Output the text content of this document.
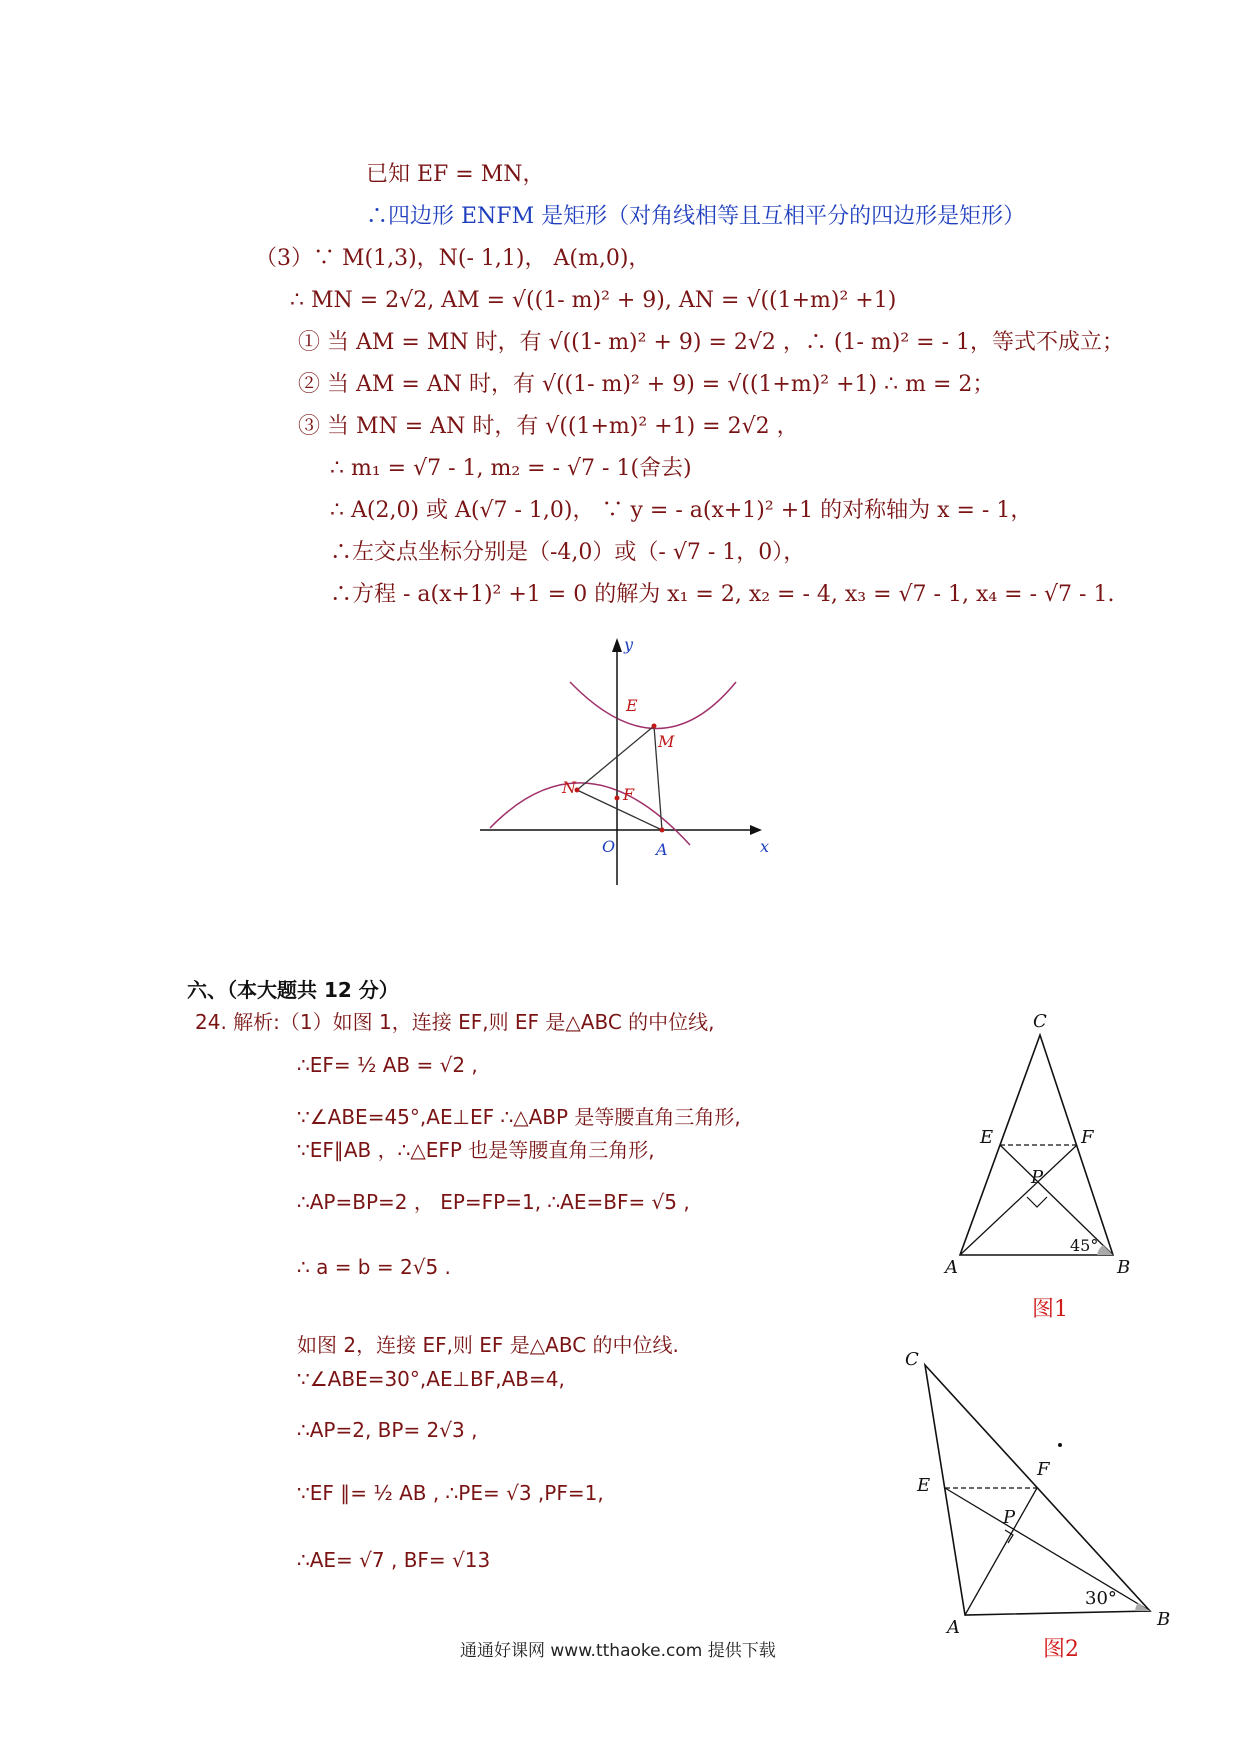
已知 EF = MN，
∴四边形 ENFM 是矩形（对角线相等且互相平分的四边形是矩形）
（3）∵ M(1,3)，N(- 1,1)， A(m,0)，
∴ MN = 2√2, AM = √((1- m)² + 9), AN = √((1+m)² +1)
① 当 AM = MN 时，有 √((1- m)² + 9) = 2√2 ，∴ (1- m)² = - 1，等式不成立；
② 当 AM = AN 时，有 √((1- m)² + 9) = √((1+m)² +1) ∴ m = 2；
③ 当 MN = AN 时，有 √((1+m)² +1) = 2√2 ，
∴ m₁ = √7 - 1, m₂ = - √7 - 1(舍去)
∴ A(2,0) 或 A(√7 - 1,0)， ∵ y = - a(x+1)² +1 的对称轴为 x = - 1，
∴左交点坐标分别是（-4,0）或（- √7 - 1，0），
∴方程 - a(x+1)² +1 = 0 的解为 x₁ = 2, x₂ = - 4, x₃ = √7 - 1, x₄ = - √7 - 1.
y
x
E
M
N	F
O	A
六、（本大题共 12 分）
24. 解析:（1）如图 1，连接 EF,则 EF 是△ABC 的中位线,
∴EF= ½ AB = √2 ,
∵∠ABE=45°,AE⊥EF ∴△ABP 是等腰直角三角形,
∵EF∥AB ，∴△EFP 也是等腰直角三角形,
∴AP=BP=2 ， EP=FP=1, ∴AE=BF= √5 ,
∴ a = b = 2√5 .
如图 2，连接 EF,则 EF 是△ABC 的中位线.
∵∠ABE=30°,AE⊥BF,AB=4,
∴AP=2, BP= 2√3 ,
∵EF ∥= ½ AB , ∴PE= √3 ,PF=1,
∴AE= √7 , BF= √13
C
E	F
P
A	B
45°
图1
C
E
F
P
A	B
30°
图2
通通好课网 www.tthaoke.com 提供下载
